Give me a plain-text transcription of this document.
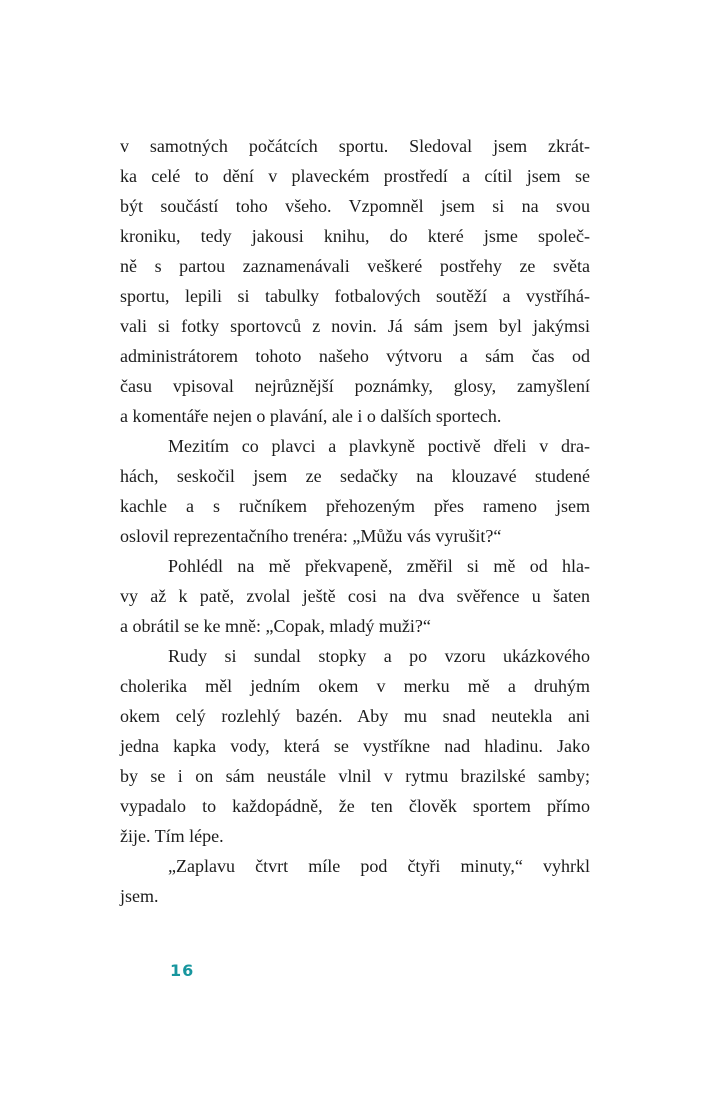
v samotných počátcích sportu. Sledoval jsem zkrát-
ka celé to dění v plaveckém prostředí a cítil jsem se
být součástí toho všeho. Vzpomněl jsem si na svou
kroniku, tedy jakousi knihu, do které jsme společ-
ně s partou zaznamenávali veškeré postřehy ze světa
sportu, lepili si tabulky fotbalových soutěží a vystříhá-
vali si fotky sportovců z novin. Já sám jsem byl jakýmsi
administrátorem tohoto našeho výtvoru a sám čas od
času vpisoval nejrůznější poznámky, glosy, zamyšlení
a komentáře nejen o plavání, ale i o dalších sportech.

Mezitím co plavci a plavkyně poctivě dřeli v dra-
hách, seskočil jsem ze sedačky na klouzavé studené
kachle a s ručníkem přehozeným přes rameno jsem
oslovil reprezentačního trenéra: „Můžu vás vyrušit?“

Pohlédl na mě překvapeně, změřil si mě od hla-
vy až k patě, zvolal ještě cosi na dva svěřence u šaten
a obrátil se ke mně: „Copak, mladý muži?“

Rudy si sundal stopky a po vzoru ukázkového
cholerika měl jedním okem v merku mě a druhým
okem celý rozlehlý bazén. Aby mu snad neutekla ani
jedna kapka vody, která se vystříkne nad hladinu. Jako
by se i on sám neustále vlnil v rytmu brazilské samby;
vypadalo to každopádně, že ten člověk sportem přímo
žije. Tím lépe.

„Zaplavu čtvrt míle pod čtyři minuty,“ vyhrkl
jsem.

16
